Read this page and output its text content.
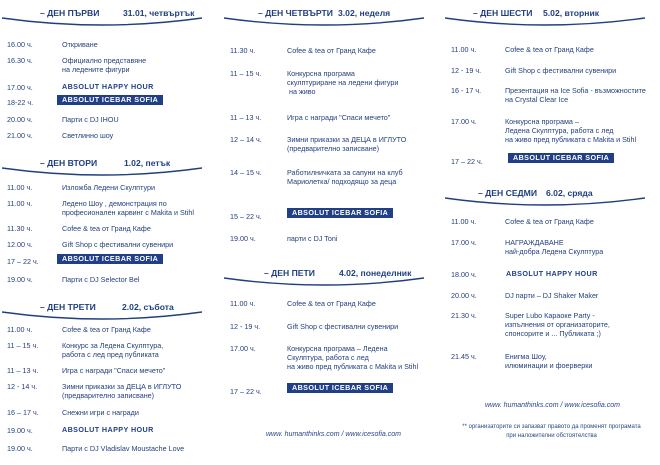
– ДЕН ПЪРВИ	31.01, четвъртък
16.00 ч.	Откриване
16.30 ч.	Официално представяне
на ледените фигури
17.00 ч.	ABSOLUT HAPPY HOUR
18-22 ч.	ABSOLUT ICEBAR SOFIA
20.00 ч.	Парти с DJ IHOU
21.00 ч.	Светлинно шоу
– ДЕН ВТОРИ	1.02, петък
11.00 ч.	Изложба Ледени Скулптури
11.00 ч.	Ледено Шоу , демонстрация по
професионален карвинг с Makita и Stihl
11.30 ч.	Cofee & tea от Гранд Кафе
12.00 ч.	Gift Shop с фестивални сувенири
17 – 22 ч.	ABSOLUT ICEBAR SOFIA
19.00 ч.	Парти с DJ Selector Bel
– ДЕН ТРЕТИ	2.02, събота
11.00 ч.	Cofee & tea от Гранд Кафе
11 – 15 ч.	Конкурс за Ледена Скулптура,
работа с лед пред публиката
11 – 13 ч.	Игра с награди "Спаси мечето"
12 - 14 ч.	Зимни приказки за ДЕЦА в ИГЛУТО
(предварително записване)
16 – 17 ч.	Снежни игри с награди
19.00 ч.	ABSOLUT HAPPY HOUR
19.00 ч.	Парти с DJ Vladislav Moustache Love
– ДЕН ЧЕТВЪРТИ 3.02, неделя
11.30 ч.	Cofee & tea от Гранд Кафе
11 – 15 ч.	Конкурсна програма
скулптуриране на ледени фигури
на живо
11 – 13 ч.	Игра с награди "Спаси мечето"
12 – 14 ч.	Зимни приказки за ДЕЦА в ИГЛУТО
(предварително записване)
14 – 15 ч.	Работилничката за сапуни на клуб
Мариолетка/ подходящо за деца
15 – 22 ч.	ABSOLUT ICEBAR SOFIA
19.00 ч.	парти с DJ Toni
– ДЕН ПЕТИ	4.02, понеделник
11.00 ч.	Cofee & tea от Гранд Кафе
12 - 19 ч.	Gift Shop с фестивални сувенири
17.00 ч.	Конкурсна програма – Ледена
Скулптура, работа с лед
на живо пред публиката с Makita и Stihl
17 – 22 ч.	ABSOLUT ICEBAR SOFIA
www. humanthinks.com / www.icesofia.com
– ДЕН ШЕСТИ 5.02, вторник
11.00 ч.	Cofee & tea от Гранд Кафе
12 - 19 ч.	Gift Shop с фестивални сувенири
16 - 17 ч.	Презентация на Ice Sofia - възможностите
на Crystal Clear Ice
17.00 ч.	Конкурсна програма –
Ледена Скулптура, работа с лед
на живо пред публиката с Makita и Stihl
17 – 22 ч.	ABSOLUT ICEBAR SOFIA
– ДЕН СЕДМИ 6.02, сряда
11.00 ч.	Cofee & tea от Гранд Кафе
17.00 ч.	НАГРАЖДАВАНЕ
най-добра Ледена Скулптура
18.00 ч.	ABSOLUT HAPPY HOUR
20.00 ч.	DJ парти – DJ Shaker Maker
21.30 ч.	Super Lubo Караоке Party -
изпълнения от организаторите,
спонсорите и ... Публиката ;)
21.45 ч.	Енигма Шоу,
илюминации и фоерверки
www. humanthinks.com / www.icesofia.com
** организаторите си запазват правото да променят програмата
при наложителни обстоятелства
